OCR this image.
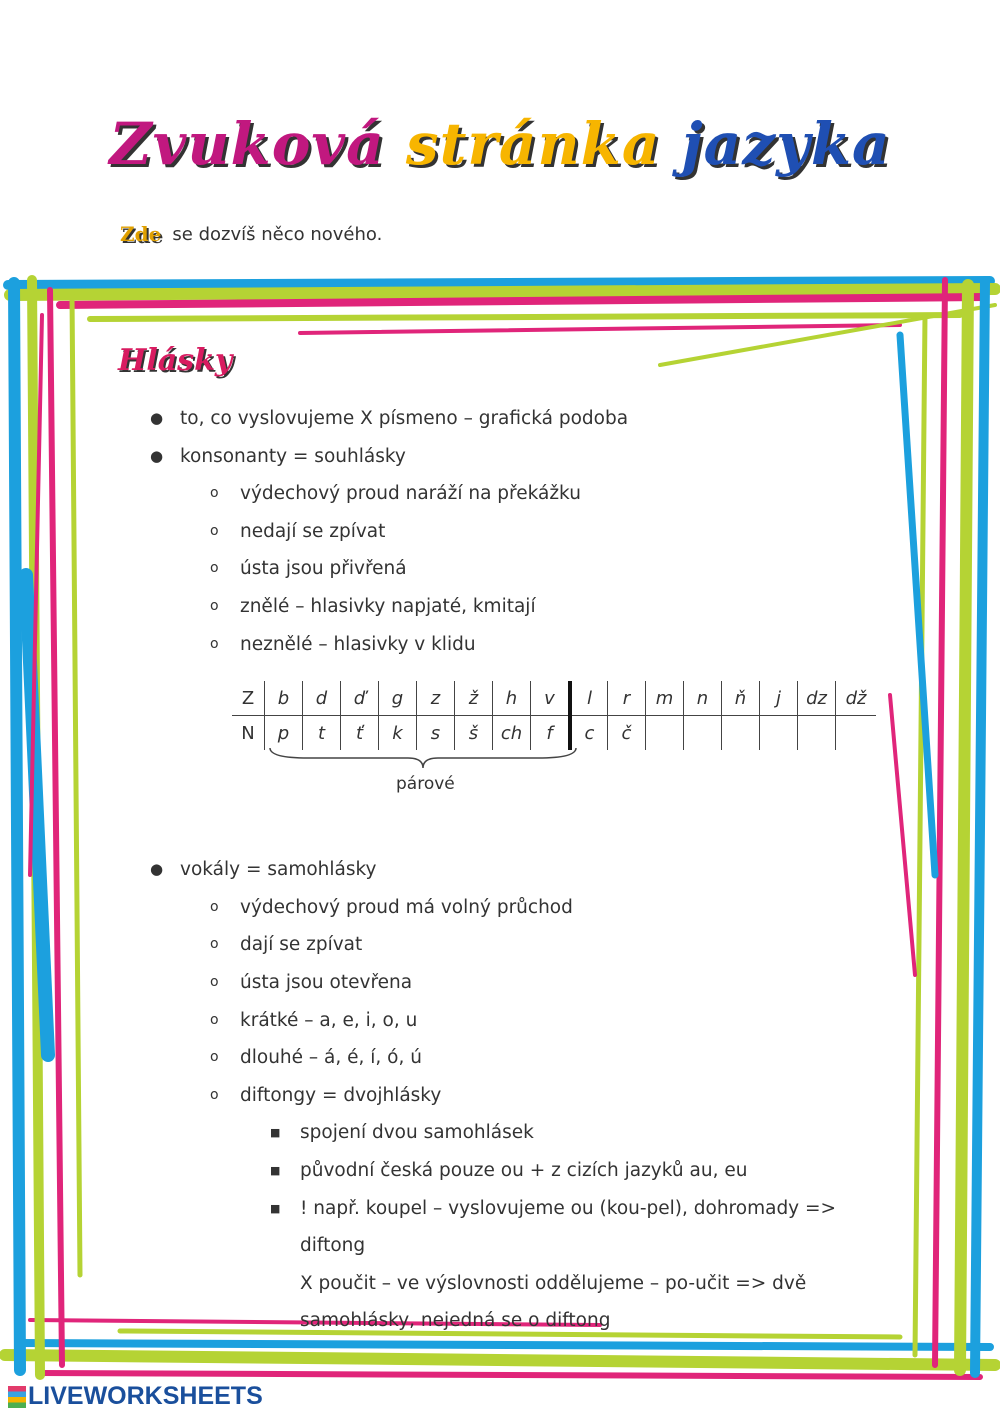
Zvuková stránka jazyka
Zde se dozvíš něco nového.
Hlásky
● to, co vyslovujeme X písmeno – grafická podoba
● konsonanty = souhlásky
o výdechový proud naráží na překážku
o nedají se zpívat
o ústa jsou přivřená
o znělé – hlasivky napjaté, kmitají
o neznělé – hlasivky v klidu
● vokály = samohlásky
o výdechový proud má volný průchod
o dají se zpívat
o ústa jsou otevřena
o krátké – a, e, i, o, u
o dlouhé – á, é, í, ó, ú
o diftongy = dvojhlásky
■ spojení dvou samohlásek
■ původní česká pouze ou + z cizích jazyků au, eu
■ ! např. koupel – vyslovujeme ou (kou-pel), dohromady =>
diftong
X poučit – ve výslovnosti oddělujeme – po-učit => dvě
samohlásky, nejedná se o diftong
Z	b	d	ď	g	z	ž	h	v	l	r	m	n	ň	j	dz	dž
N	p	t	ť	k	s	š	ch	f	c	č						
párové
LIVEWORKSHEETS
